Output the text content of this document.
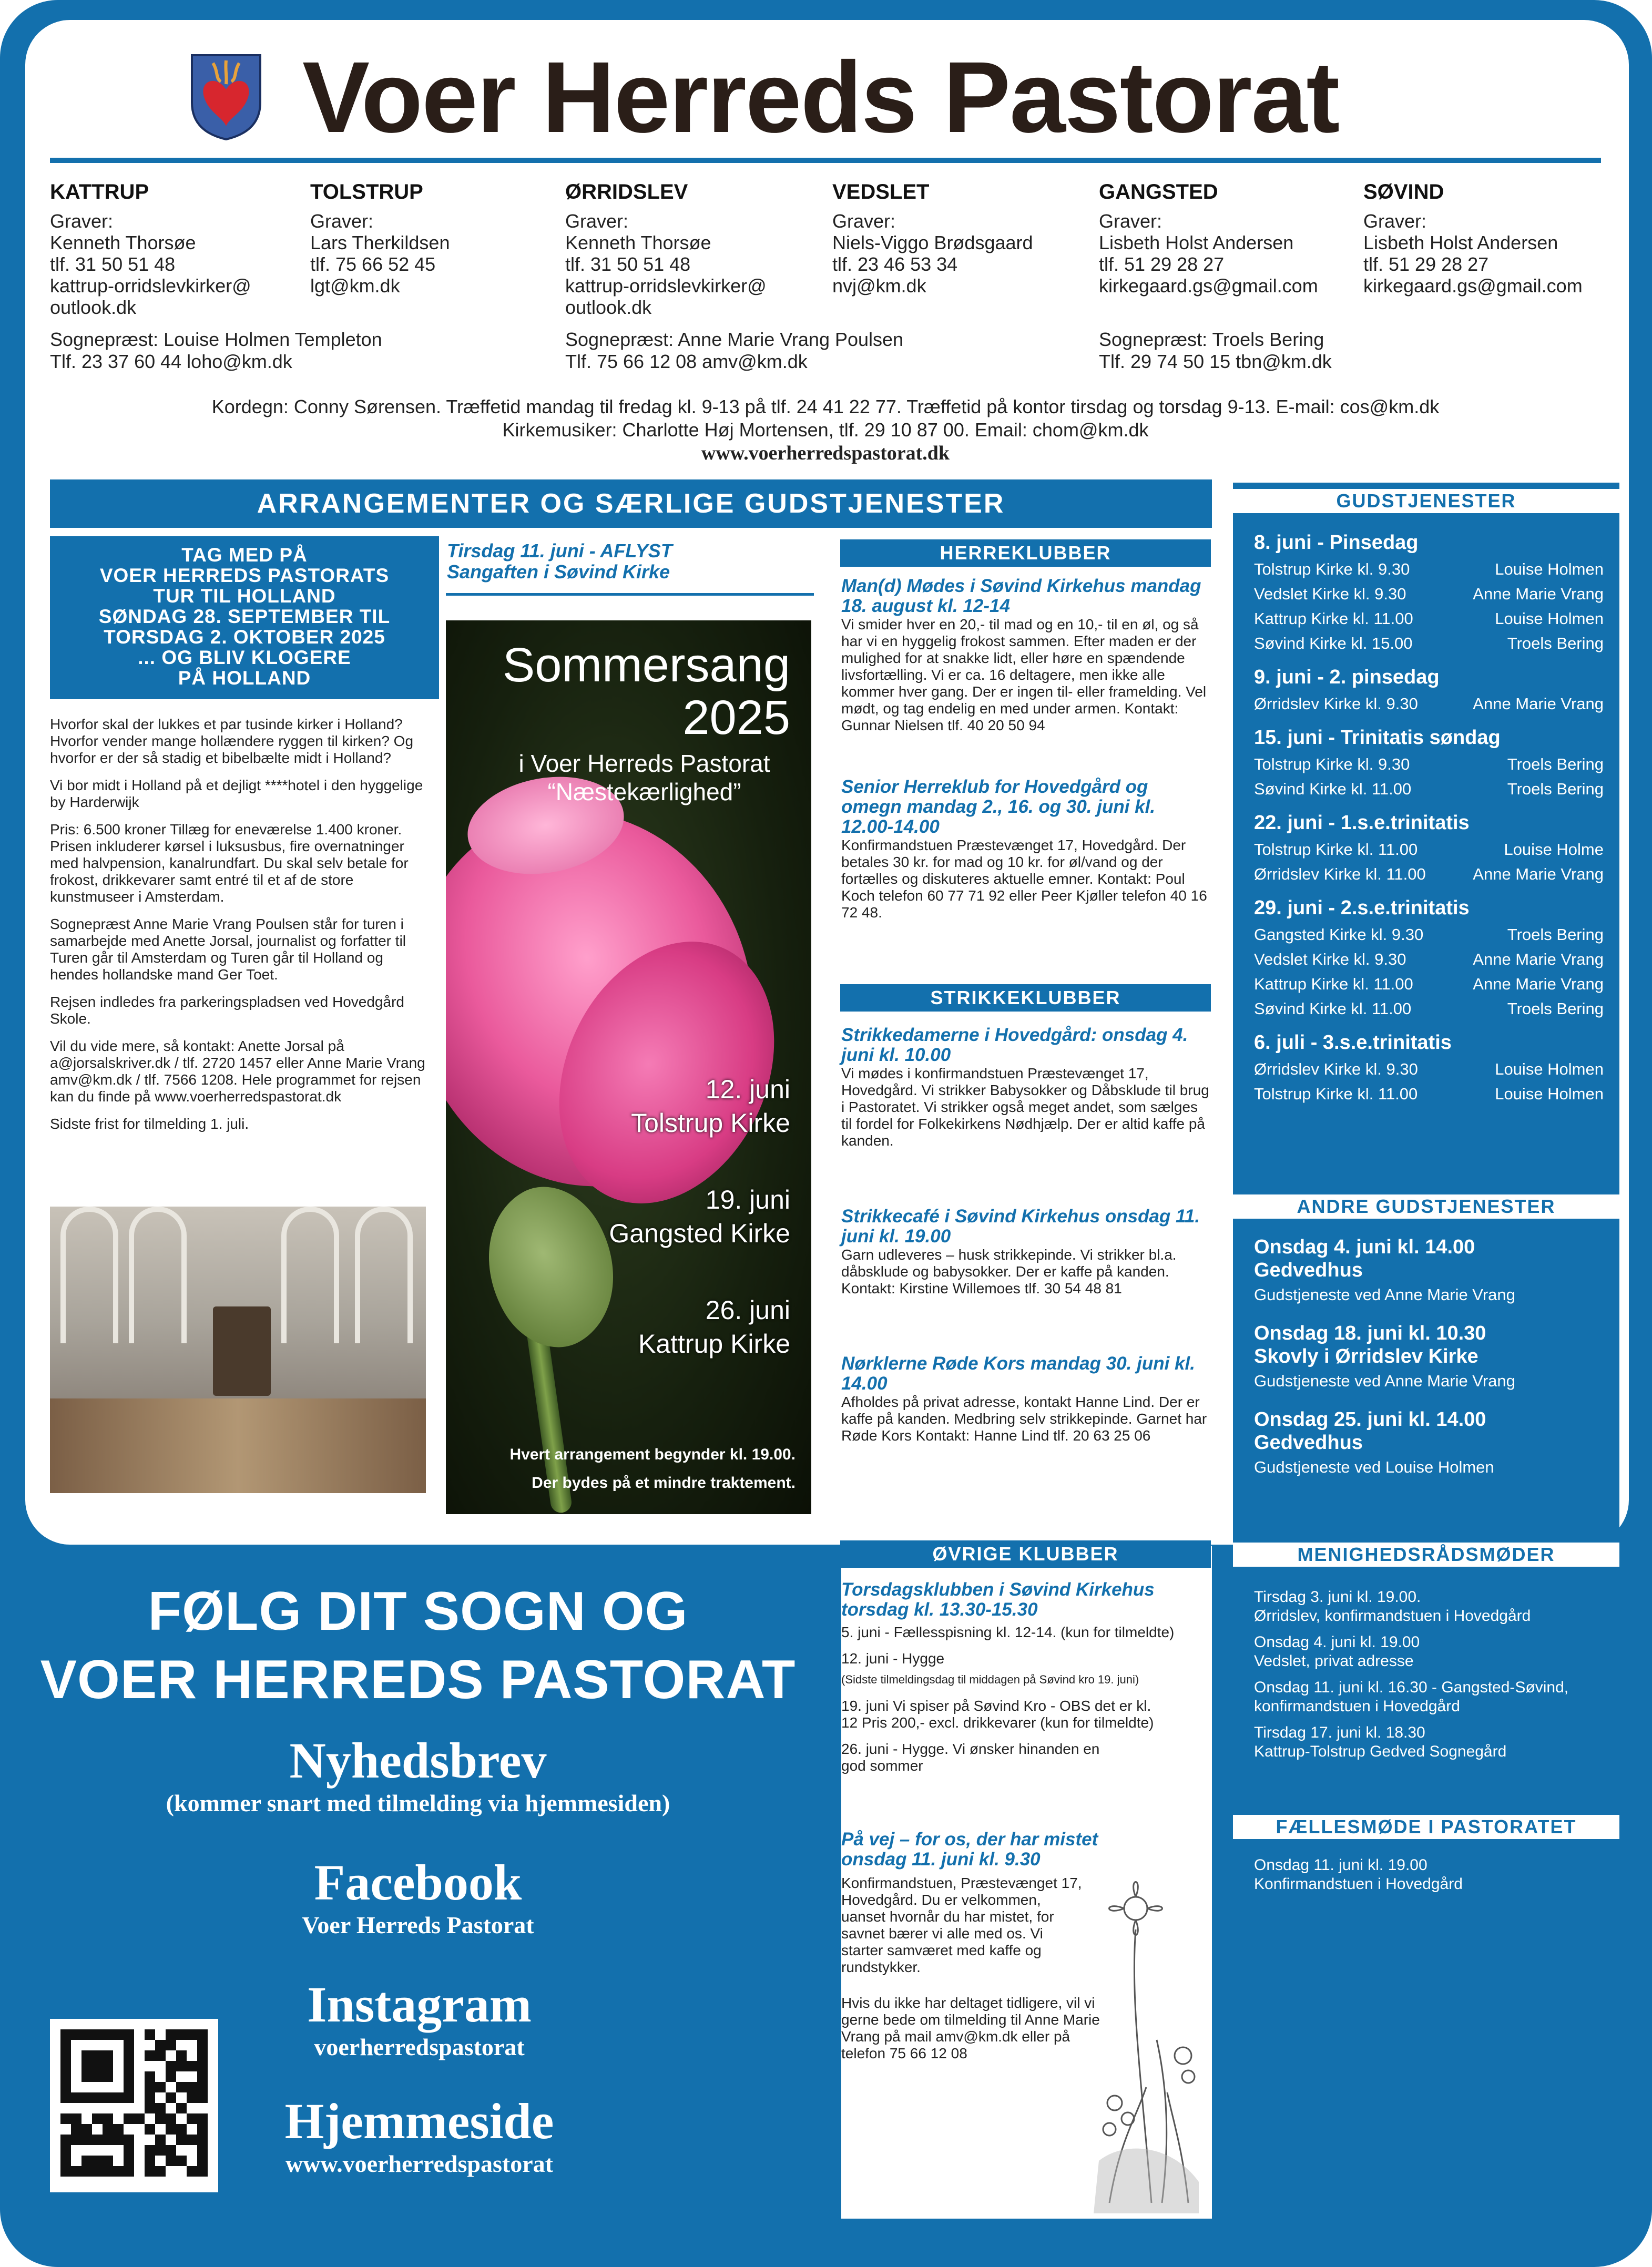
Voer Herreds Pastorat
KATTRUP
Graver:
Kenneth Thorsøe
tlf. 31 50 51 48
kattrup-orridslevkirker@
outlook.dk
TOLSTRUP
Graver:
Lars Therkildsen
tlf. 75 66 52 45
lgt@km.dk
ØRRIDSLEV
Graver:
Kenneth Thorsøe
tlf. 31 50 51 48
kattrup-orridslevkirker@
outlook.dk
VEDSLET
Graver:
Niels-Viggo Brødsgaard
tlf. 23 46 53 34
nvj@km.dk
GANGSTED
Graver:
Lisbeth Holst Andersen
tlf. 51 29 28 27
kirkegaard.gs@gmail.com
SØVIND
Graver:
Lisbeth Holst Andersen
tlf. 51 29 28 27
kirkegaard.gs@gmail.com
Sognepræst: Louise Holmen Templeton
Tlf. 23 37 60 44 loho@km.dk
Sognepræst: Anne Marie Vrang Poulsen
Tlf. 75 66 12 08 amv@km.dk
Sognepræst: Troels Bering
Tlf. 29 74 50 15 tbn@km.dk
Kordegn: Conny Sørensen. Træffetid mandag til fredag kl. 9-13 på tlf. 24 41 22 77. Træffetid på kontor tirsdag og torsdag 9-13. E-mail: cos@km.dk
Kirkemusiker: Charlotte Høj Mortensen, tlf. 29 10 87 00. Email: chom@km.dk
www.voerherredspastorat.dk
ARRANGEMENTER OG SÆRLIGE GUDSTJENESTER
TAG MED PÅ
VOER HERREDS PASTORATS
TUR TIL HOLLAND
SØNDAG 28. SEPTEMBER TIL
TORSDAG 2. OKTOBER 2025
... OG BLIV KLOGERE
PÅ HOLLAND

Hvorfor skal der lukkes et par tusinde kirker i Holland? Hvorfor vender mange hollændere ryggen til kirken? Og hvorfor er der så stadig et bibelbælte midt i Holland?

Vi bor midt i Holland på et dejligt ****hotel i den hyggelige by Harderwijk

Pris: 6.500 kroner Tillæg for eneværelse 1.400 kroner. Prisen inkluderer kørsel i luksusbus, fire overnatninger med halvpension, kanalrundfart. Du skal selv betale for frokost, drikkevarer samt entré til et af de store kunstmuseer i Amsterdam.

Sognepræst Anne Marie Vrang Poulsen står for turen i samarbejde med Anette Jorsal, journalist og forfatter til Turen går til Amsterdam og Turen går til Holland og hendes hollandske mand Ger Toet.

Rejsen indledes fra parkeringspladsen ved Hovedgård Skole.

Vil du vide mere, så kontakt: Anette Jorsal på a@jorsalskriver.dk / tlf. 2720 1457 eller Anne Marie Vrang amv@km.dk / tlf. 7566 1208. Hele programmet for rejsen kan du finde på www.voerherredspastorat.dk

Sidste frist for tilmelding 1. juli.

Tirsdag 11. juni - AFLYST
Sangaften i Søvind Kirke
Sommersang
2025
i Voer Herreds Pastorat
“Næstekærlighed”
12. juni
Tolstrup Kirke
19. juni
Gangsted Kirke
26. juni
Kattrup Kirke
Hvert arrangement begynder kl. 19.00.
Der bydes på et mindre traktement.
HERREKLUBBER
Man(d) Mødes i Søvind Kirkehus mandag 18. august kl. 12-14

Vi smider hver en 20,- til mad og en 10,- til en øl, og så har vi en hyggelig frokost sammen. Efter maden er der mulighed for at snakke lidt, eller høre en spændende livsfortælling. Vi er ca. 16 deltagere, men ikke alle kommer hver gang. Der er ingen til- eller framelding. Vel mødt, og tag endelig en med under armen. Kontakt: Gunnar Nielsen tlf. 40 20 50 94

Senior Herreklub for Hovedgård og omegn mandag 2., 16. og 30. juni kl. 12.00-14.00

Konfirmandstuen Præstevænget 17, Hovedgård. Der betales 30 kr. for mad og 10 kr. for øl/vand og der fortælles og diskuteres aktuelle emner. Kontakt: Poul Koch telefon 60 77 71 92 eller Peer Kjøller telefon 40 16 72 48.

STRIKKEKLUBBER
Strikkedamerne i Hovedgård: onsdag 4. juni kl. 10.00

Vi mødes i konfirmandstuen Præstevænget 17, Hovedgård. Vi strikker Babysokker og Dåbsklude til brug i Pastoratet. Vi strikker også meget andet, som sælges til fordel for Folkekirkens Nødhjælp. Der er altid kaffe på kanden.

Strikkecafé i Søvind Kirkehus onsdag 11. juni kl. 19.00

Garn udleveres – husk strikkepinde. Vi strikker bl.a. dåbsklude og babysokker. Der er kaffe på kanden. Kontakt: Kirstine Willemoes tlf. 30 54 48 81

Nørklerne Røde Kors mandag 30. juni kl. 14.00

Afholdes på privat adresse, kontakt Hanne Lind. Der er kaffe på kanden. Medbring selv strikkepinde. Garnet har Røde Kors Kontakt: Hanne Lind tlf. 20 63 25 06

GUDSTJENESTER
8. juni - Pinsedag
Tolstrup Kirke kl. 9.30	Louise Holmen
Vedslet Kirke kl. 9.30	Anne Marie Vrang
Kattrup Kirke kl. 11.00	Louise Holmen
Søvind Kirke kl. 15.00	Troels Bering
9. juni - 2. pinsedag
Ørridslev Kirke kl. 9.30	Anne Marie Vrang
15. juni - Trinitatis søndag
Tolstrup Kirke kl. 9.30	Troels Bering
Søvind Kirke kl. 11.00	Troels Bering
22. juni - 1.s.e.trinitatis
Tolstrup Kirke kl. 11.00	Louise Holme
Ørridslev Kirke kl. 11.00	Anne Marie Vrang
29. juni - 2.s.e.trinitatis
Gangsted Kirke kl. 9.30	Troels Bering
Vedslet Kirke kl. 9.30	Anne Marie Vrang
Kattrup Kirke kl. 11.00	Anne Marie Vrang
Søvind Kirke kl. 11.00	Troels Bering
6. juli - 3.s.e.trinitatis
Ørridslev Kirke kl. 9.30	Louise Holmen
Tolstrup Kirke kl. 11.00	Louise Holmen
ANDRE GUDSTJENESTER
Onsdag 4. juni kl. 14.00 Gedvedhus
Gudstjeneste ved Anne Marie Vrang
Onsdag 18. juni kl. 10.30 Skovly i Ørridslev Kirke
Gudstjeneste ved Anne Marie Vrang
Onsdag 25. juni kl. 14.00 Gedvedhus
Gudstjeneste ved Louise Holmen
MENIGHEDSRÅDSMØDER
Tirsdag 3. juni kl. 19.00.
Ørridslev, konfirmandstuen i Hovedgård
Onsdag 4. juni kl. 19.00
Vedslet, privat adresse
Onsdag 11. juni kl. 16.30 - Gangsted-Søvind,
konfirmandstuen i Hovedgård
Tirsdag 17. juni kl. 18.30
Kattrup-Tolstrup Gedved Sognegård
FÆLLESMØDE I PASTORATET
Onsdag 11. juni kl. 19.00
Konfirmandstuen i Hovedgård
ØVRIGE KLUBBER
Torsdagsklubben i Søvind Kirkehus torsdag kl. 13.30-15.30

5. juni - Fællesspisning kl. 12-14. (kun for tilmeldte)

12. juni - Hygge

(Sidste tilmeldingsdag til middagen på Søvind kro 19. juni)

19. juni Vi spiser på Søvind Kro - OBS det er kl. 12 Pris 200,- excl. drikkevarer (kun for tilmeldte)

26. juni - Hygge. Vi ønsker hinanden en god sommer

På vej – for os, der har mistet onsdag 11. juni kl. 9.30

Konfirmandstuen, Præstevænget 17, Hovedgård. Du er velkommen, uanset hvornår du har mistet, for savnet bærer vi alle med os. Vi starter samværet med kaffe og rundstykker.

Hvis du ikke har deltaget tidligere, vil vi gerne bede om tilmelding til Anne Marie Vrang på mail amv@km.dk eller på telefon 75 66 12 08

FØLG DIT SOGN OG
VOER HERREDS PASTORAT
Nyhedsbrev
(kommer snart med tilmelding via hjemmesiden)
Facebook
Voer Herreds Pastorat
Instagram
voerherredspastorat
Hjemmeside
www.voerherredspastorat
